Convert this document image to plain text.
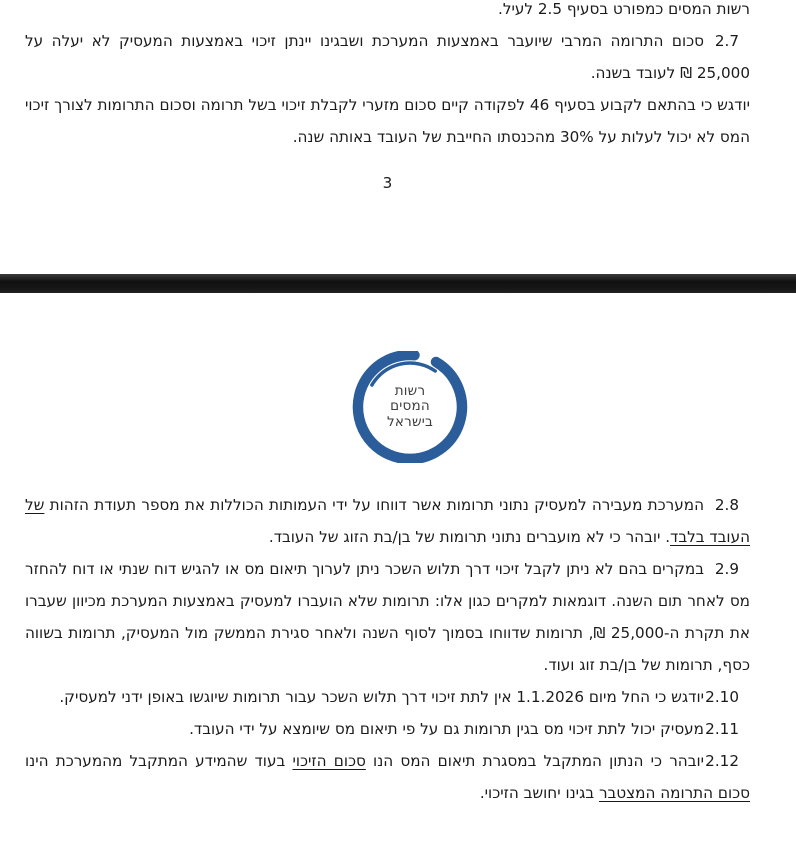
רשות המסים כמפורט בסעיף 2.5 לעיל.

2.7
סכום התרומה המרבי שיועבר באמצעות המערכת ושבגינו יינתן זיכוי באמצעות המעסיק לא יעלה על 25,000 ₪ לעובד בשנה.

יודגש כי בהתאם לקבוע בסעיף 46 לפקודה קיים סכום מזערי לקבלת זיכוי בשל תרומה וסכום התרומות לצורך זיכוי המס לא יכול לעלות על 30% מהכנסתו החייבת של העובד באותה שנה.

3

רשות
המסים
בישראל

2.8
המערכת מעבירה למעסיק נתוני תרומות אשר דווחו על ידי העמותות הכוללות את מספר תעודת הזהות של העובד בלבד. יובהר כי לא מועברים נתוני תרומות של בן/בת הזוג של העובד.

2.9
במקרים בהם לא ניתן לקבל זיכוי דרך תלוש השכר ניתן לערוך תיאום מס או להגיש דוח שנתי או דוח להחזר מס לאחר תום השנה. דוגמאות למקרים כגון אלו: תרומות שלא הועברו למעסיק באמצעות המערכת מכיוון שעברו את תקרת ה-25,000 ₪, תרומות שדווחו בסמוך לסוף השנה ולאחר סגירת הממשק מול המעסיק, תרומות בשווה כסף, תרומות של בן/בת זוג ועוד.

2.10
יודגש כי החל מיום 1.1.2026 אין לתת זיכוי דרך תלוש השכר עבור תרומות שיוגשו באופן ידני למעסיק.

2.11
מעסיק יכול לתת זיכוי מס בגין תרומות גם על פי תיאום מס שיומצא על ידי העובד.

2.12
יובהר כי הנתון המתקבל במסגרת תיאום המס הנו סכום הזיכוי בעוד שהמידע המתקבל מהמערכת הינו סכום התרומה המצטבר בגינו יחושב הזיכוי.
